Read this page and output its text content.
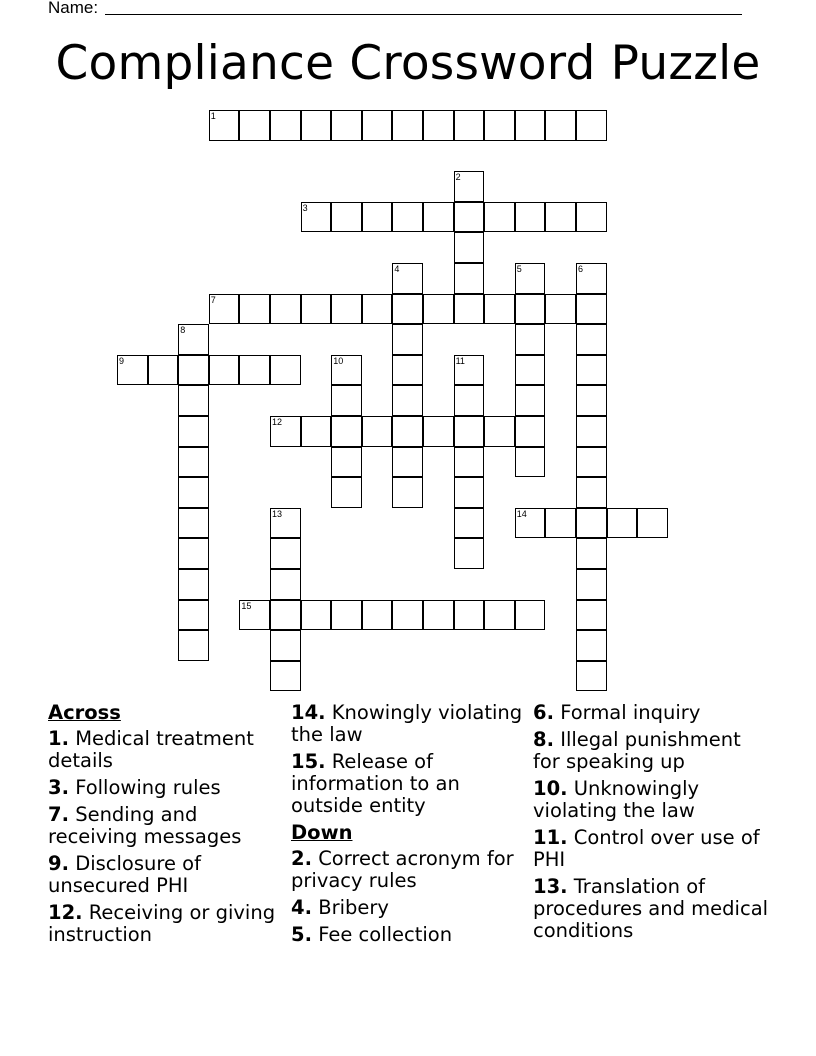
Name:
Compliance Crossword Puzzle
1
2
3
4	5	6
7
8
9	10	11
12
13	14
15
Across
1. Medical treatment details
3. Following rules
7. Sending and receiving messages
9. Disclosure of unsecured PHI
12. Receiving or giving instruction
14. Knowingly violating the law
15. Release of information to an outside entity
Down
2. Correct acronym for privacy rules
4. Bribery
5. Fee collection
6. Formal inquiry
8. Illegal punishment for speaking up
10. Unknowingly violating the law
11. Control over use of PHI
13. Translation of procedures and medical conditions
